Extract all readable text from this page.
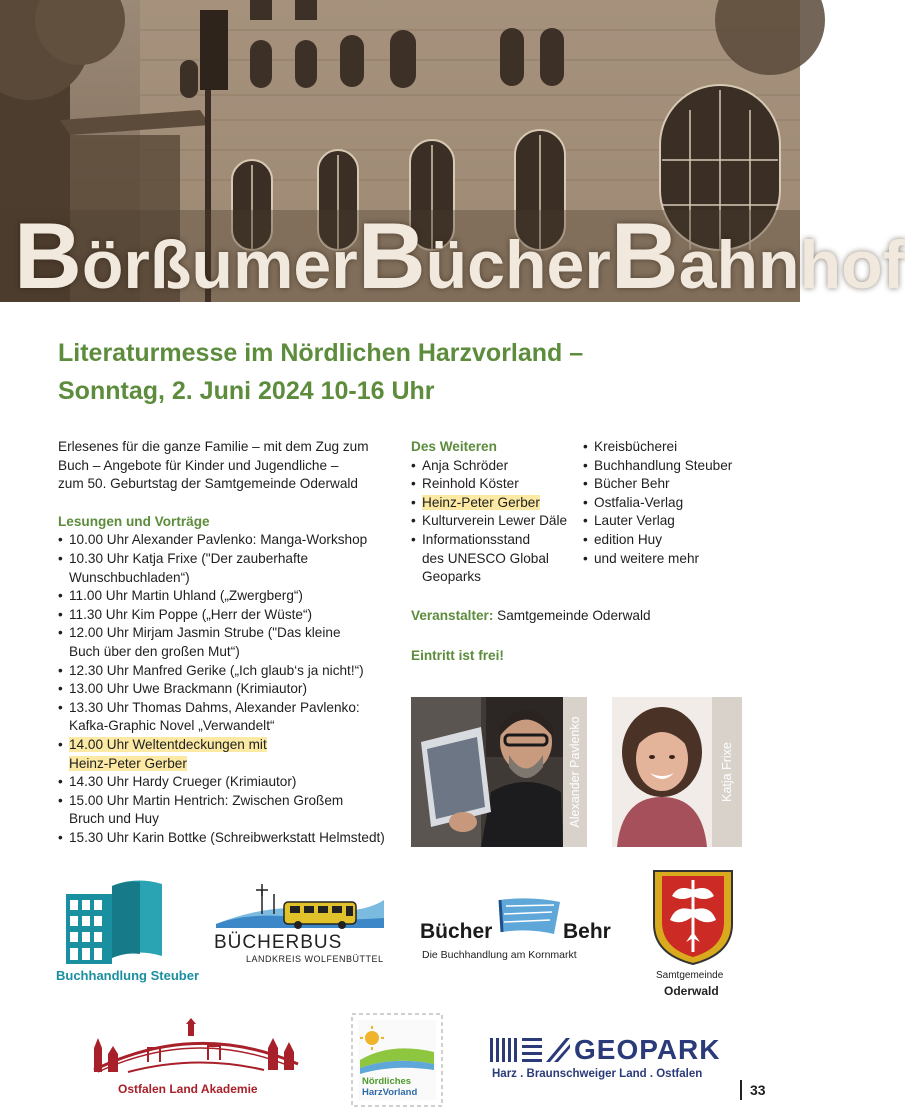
BörßumerBücherBahnhof
Literaturmesse im Nördlichen Harzvorland –
Sonntag, 2. Juni 2024 10-16 Uhr
Erlesenes für die ganze Familie – mit dem Zug zum
Buch – Angebote für Kinder und Jugendliche –
zum 50. Geburtstag der Samtgemeinde Oderwald
Lesungen und Vorträge
• 10.00 Uhr Alexander Pavlenko: Manga-Workshop
• 10.30 Uhr Katja Frixe ("Der zauberhafte
Wunschbuchladen“)
• 11.00 Uhr Martin Uhland („Zwergberg“)
• 11.30 Uhr Kim Poppe („Herr der Wüste“)
• 12.00 Uhr Mirjam Jasmin Strube ("Das kleine
Buch über den großen Mut“)
• 12.30 Uhr Manfred Gerike („Ich glaub‘s ja nicht!“)
• 13.00 Uhr Uwe Brackmann (Krimiautor)
• 13.30 Uhr Thomas Dahms, Alexander Pavlenko:
Kafka-Graphic Novel „Verwandelt“
• 14.00 Uhr Weltentdeckungen mit
Heinz-Peter Gerber
• 14.30 Uhr Hardy Crueger (Krimiautor)
• 15.00 Uhr Martin Hentrich: Zwischen Großem
Bruch und Huy
• 15.30 Uhr Karin Bottke (Schreibwerkstatt Helmstedt)
Des Weiteren
• Anja Schröder
• Reinhold Köster
• Heinz-Peter Gerber
• Kulturverein Lewer Däle
• Informationsstand
des UNESCO Global
Geoparks
• Kreisbücherei
• Buchhandlung Steuber
• Bücher Behr
• Ostfalia-Verlag
• Lauter Verlag
• edition Huy
• und weitere mehr
Veranstalter: Samtgemeinde Oderwald
Eintritt ist frei!
Alexander Pavlenko	Katja Frixe
Buchhandlung Steuber
BÜCHERBUS
LANDKREIS WOLFENBÜTTEL
Bücher	Behr
Die Buchhandlung am Kornmarkt
Samtgemeinde
Oderwald
Ostfalen Land Akademie
Nördliches
HarzVorland
GEOPARK
Harz . Braunschweiger Land . Ostfalen
33
